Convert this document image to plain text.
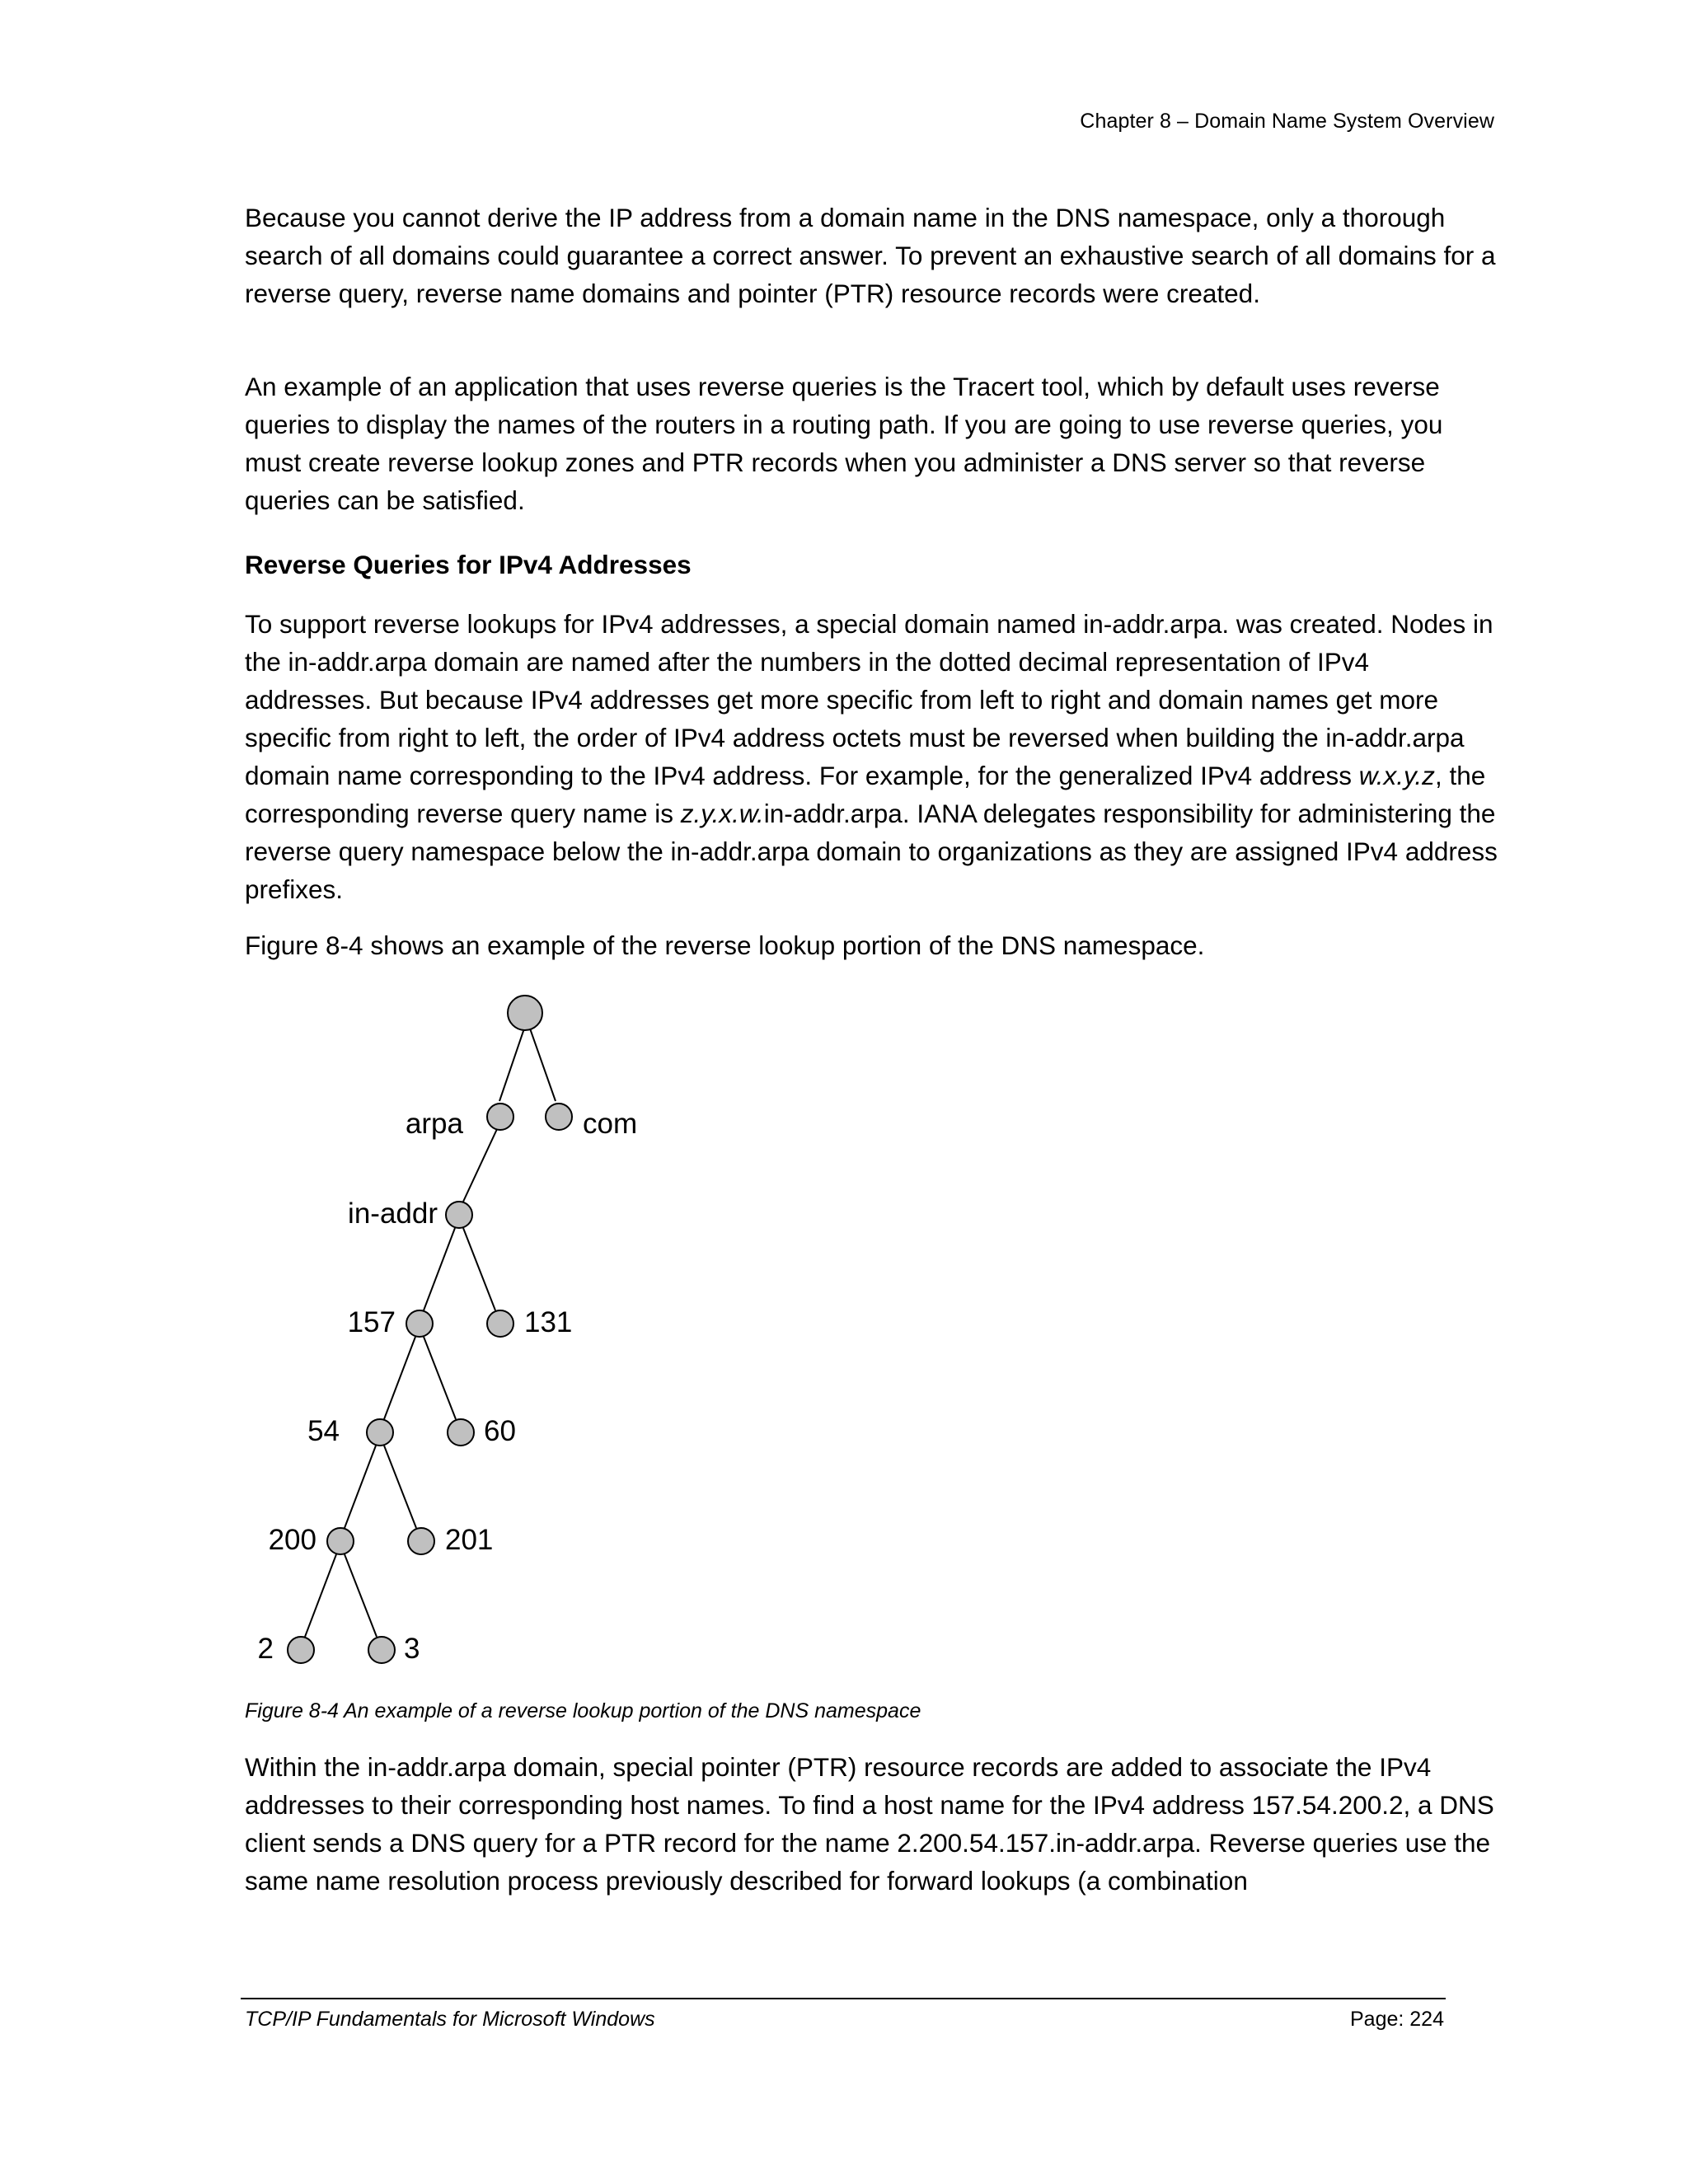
Chapter 8 – Domain Name System Overview

Because you cannot derive the IP address from a domain name in the DNS namespace, only a thorough search of all domains could guarantee a correct answer. To prevent an exhaustive search of all domains for a reverse query, reverse name domains and pointer (PTR) resource records were created.

An example of an application that uses reverse queries is the Tracert tool, which by default uses reverse queries to display the names of the routers in a routing path. If you are going to use reverse queries, you must create reverse lookup zones and PTR records when you administer a DNS server so that reverse queries can be satisfied.

Reverse Queries for IPv4 Addresses

To support reverse lookups for IPv4 addresses, a special domain named in-addr.arpa. was created. Nodes in the in-addr.arpa domain are named after the numbers in the dotted decimal representation of IPv4 addresses. But because IPv4 addresses get more specific from left to right and domain names get more specific from right to left, the order of IPv4 address octets must be reversed when building the in-addr.arpa domain name corresponding to the IPv4 address. For example, for the generalized IPv4 address w.x.y.z, the corresponding reverse query name is z.y.x.w.in-addr.arpa. IANA delegates responsibility for administering the reverse query namespace below the in-addr.arpa domain to organizations as they are assigned IPv4 address prefixes.

Figure 8-4 shows an example of the reverse lookup portion of the DNS namespace.

arpa	com
in-addr
157	131
54	60
200	201
2	3

Figure 8-4 An example of a reverse lookup portion of the DNS namespace

Within the in-addr.arpa domain, special pointer (PTR) resource records are added to associate the IPv4 addresses to their corresponding host names. To find a host name for the IPv4 address 157.54.200.2, a DNS client sends a DNS query for a PTR record for the name 2.200.54.157.in-addr.arpa. Reverse queries use the same name resolution process previously described for forward lookups (a combination

TCP/IP Fundamentals for Microsoft Windows	Page: 224
